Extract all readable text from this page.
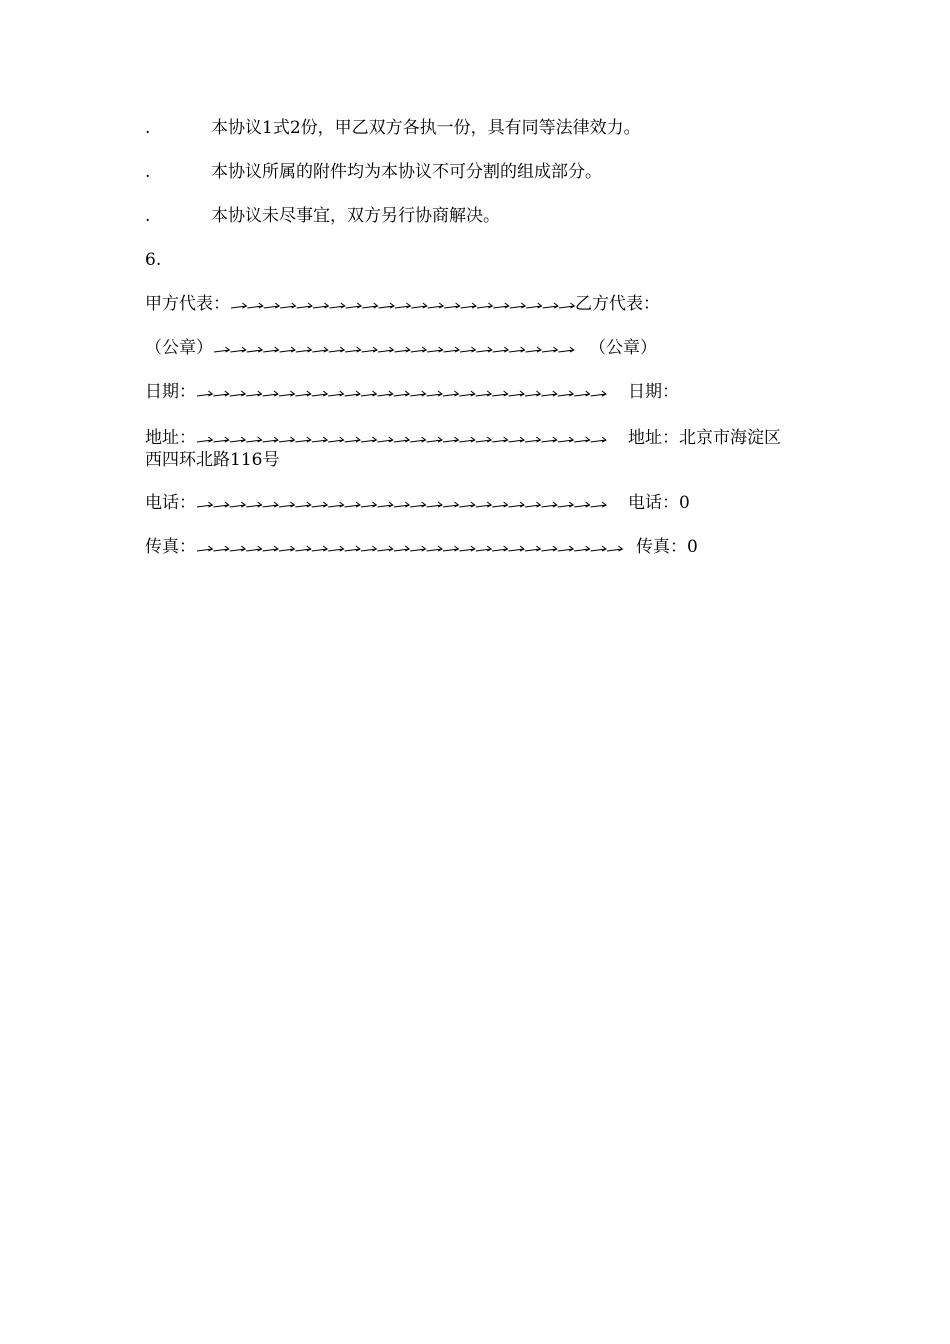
.	本协议1式2份，甲乙双方各执一份，具有同等法律效力。
.	本协议所属的附件均为本协议不可分割的组成部分。
.	本协议未尽事宜，双方另行协商解决。
6.
甲方代表：	乙方代表：
（公章）	（公章）
日期：	日期：
地址：	地址：北京市海淀区
西四环北路116号
电话：	电话：0
传真：	传真：0
